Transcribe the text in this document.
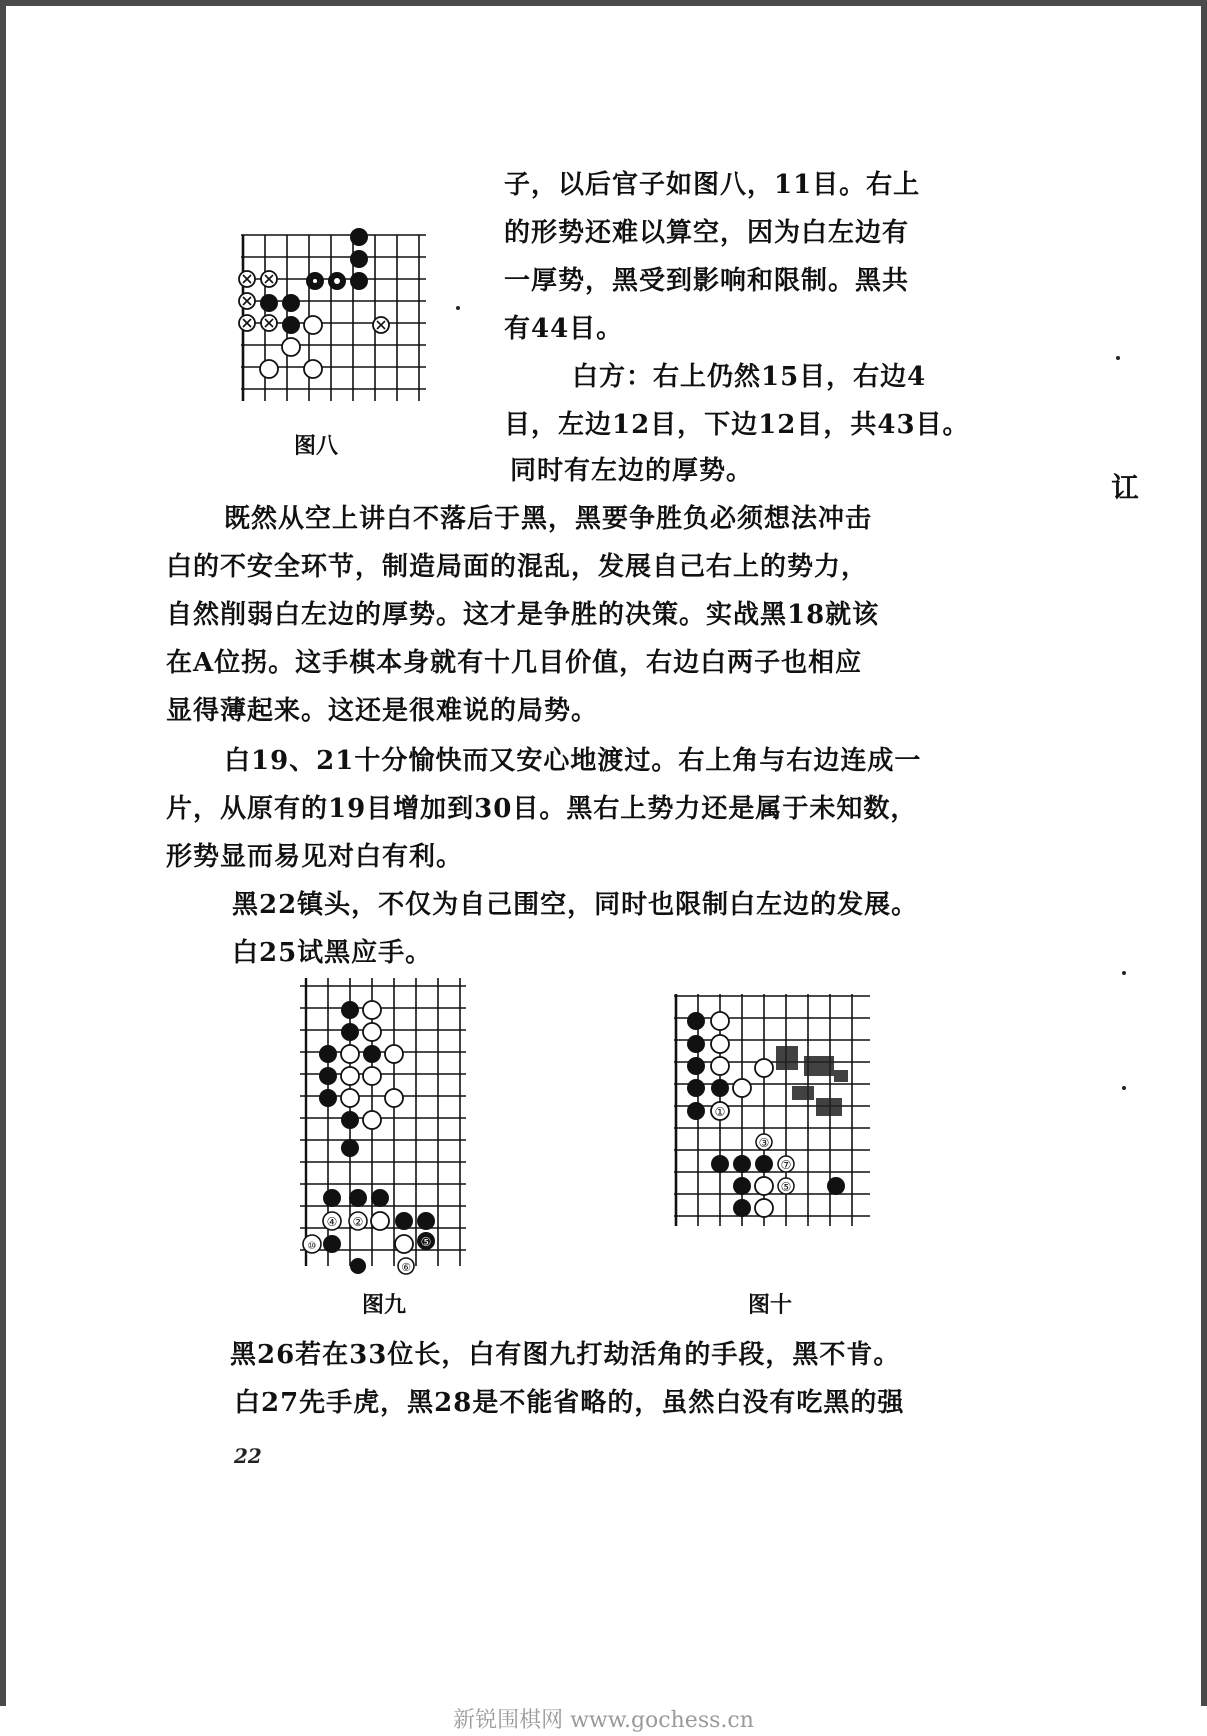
图八
子，以后官子如图八，11目。右上
的形势还难以算空，因为白左边有
一厚势，黑受到影响和限制。黑共
有44目。
白方：右上仍然15目，右边4
目，左边12目，下边12目，共43目。
同时有左边的厚势。	讧
既然从空上讲白不落后于黑，黑要争胜负必须想法冲击
白的不安全环节，制造局面的混乱，发展自己右上的势力，
自然削弱白左边的厚势。这才是争胜的决策。实战黑18就该
在A位拐。这手棋本身就有十几目价值，右边白两子也相应
显得薄起来。这还是很难说的局势。
白19、21十分愉快而又安心地渡过。右上角与右边连成一
片，从原有的19目增加到30目。黑右上势力还是属于未知数，
形势显而易见对白有利。
黑22镇头，不仅为自己围空，同时也限制白左边的发展。
白25试黑应手。
④ ②
⑩	⑤
⑥
①
③
⑦
⑤
图九	图十
黑26若在33位长，白有图九打劫活角的手段，黑不肯。
白27先手虎，黑28是不能省略的，虽然白没有吃黑的强
22
新锐围棋网 www.gochess.cn
